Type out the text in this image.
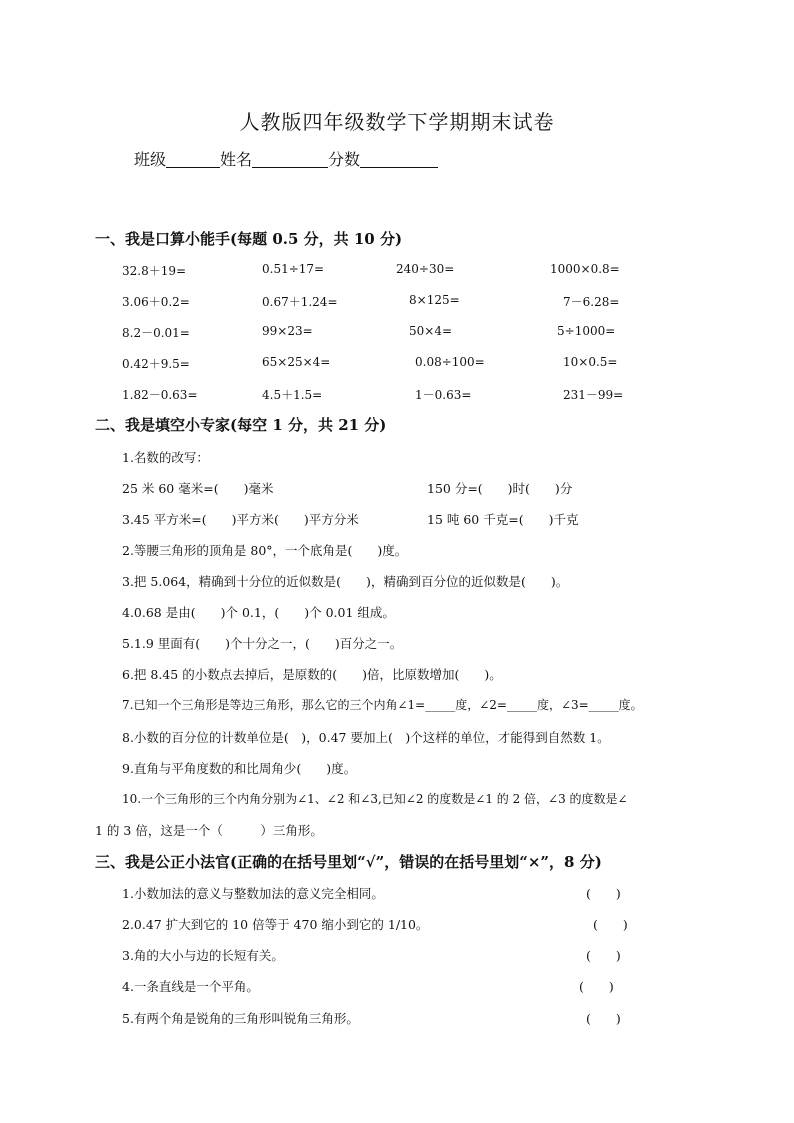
人教版四年级数学下学期期末试卷
班级	姓名	分数
一、我是口算小能手(每题 0.5 分，共 10 分)
32.8＋19=	0.51÷17=	240÷30=	1000×0.8=
3.06＋0.2=	0.67＋1.24=	8×125=	7－6.28=
8.2－0.01=	99×23=	50×4=	5÷1000=
0.42＋9.5=	65×25×4=	0.08÷100=	10×0.5=
1.82－0.63=	4.5＋1.5=	1－0.63=	231－99=
二、我是填空小专家(每空 1 分，共 21 分)
1.名数的改写：
25 米 60 毫米=(　　)毫米	150 分=(　　)时(　　)分
3.45 平方米=(　　)平方米(　　)平方分米	15 吨 60 千克=(　　)千克
2.等腰三角形的顶角是 80°，一个底角是(　　)度。
3.把 5.064，精确到十分位的近似数是(　　)，精确到百分位的近似数是(　　)。
4.0.68 是由(　　)个 0.1，(　　)个 0.01 组成。
5.1.9 里面有(　　)个十分之一，(　　)百分之一。
6.把 8.45 的小数点去掉后，是原数的(　　)倍，比原数增加(　　)。
7.已知一个三角形是等边三角形，那么它的三个内角∠1=_____度，∠2=_____度，∠3=_____度。
8.小数的百分位的计数单位是(　)，0.47 要加上(　)个这样的单位，才能得到自然数 1。
9.直角与平角度数的和比周角少(　　)度。
10.一个三角形的三个内角分别为∠1、∠2 和∠3,已知∠2 的度数是∠1 的 2 倍，∠3 的度数是∠
1 的 3 倍，这是一个（　　　）三角形。
三、我是公正小法官(正确的在括号里划“√”，错误的在括号里划“×”，8 分)
1.小数加法的意义与整数加法的意义完全相同。	(　　)
2.0.47 扩大到它的 10 倍等于 470 缩小到它的 1/10。	(　　)
3.角的大小与边的长短有关。	(　　)
4.一条直线是一个平角。	(　　)
5.有两个角是锐角的三角形叫锐角三角形。	(　　)
